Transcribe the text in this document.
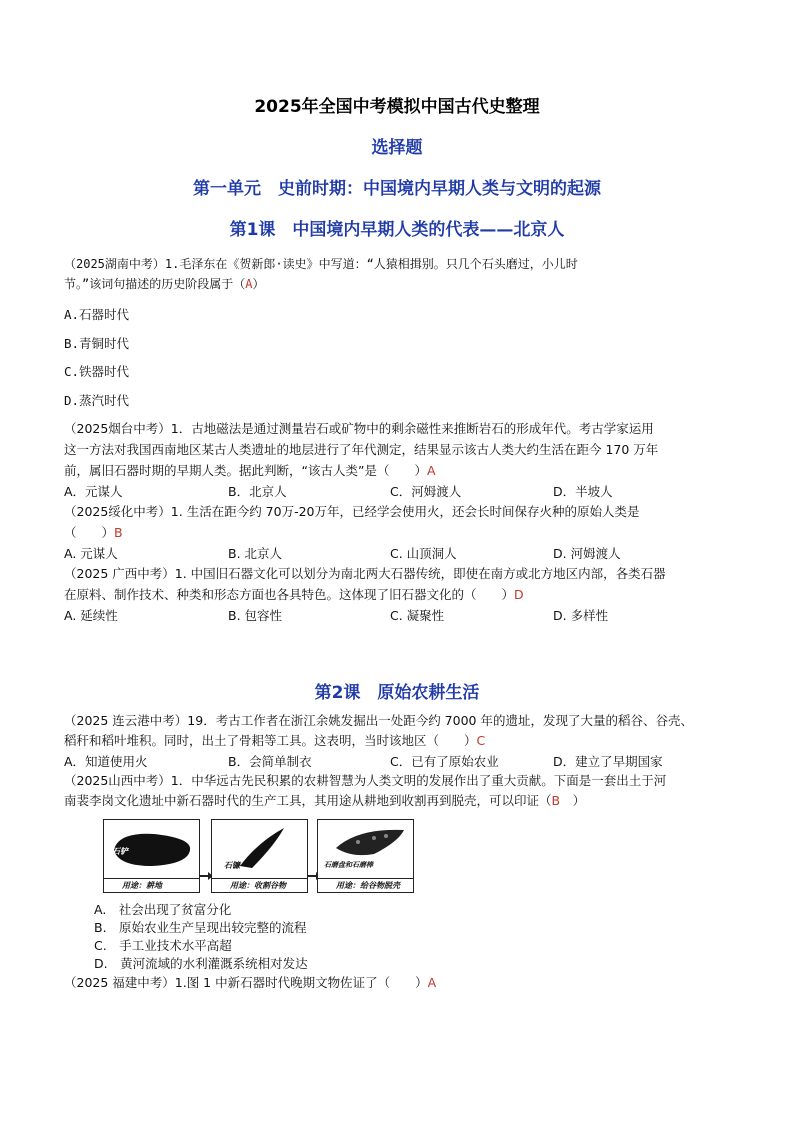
2025年全国中考模拟中国古代史整理
选择题
第一单元　史前时期：中国境内早期人类与文明的起源
第1课　中国境内早期人类的代表——北京人
（2025湖南中考）1.毛泽东在《贺新郎·读史》中写道：“人猿相揖别。只几个石头磨过，小儿时
节。”该词句描述的历史阶段属于（A）
A.石器时代
B.青铜时代
C.铁器时代
D.蒸汽时代
（2025烟台中考）1．古地磁法是通过测量岩石或矿物中的剩余磁性来推断岩石的形成年代。考古学家运用
这一方法对我国西南地区某古人类遗址的地层进行了年代测定，结果显示该古人类大约生活在距今 170 万年
前，属旧石器时期的早期人类。据此判断，“该古人类”是（　　）A
A．元谋人	B．北京人	C．河姆渡人	D．半坡人
（2025绥化中考）1. 生活在距今约 70万-20万年，已经学会使用火，还会长时间保存火种的原始人类是
（　　）B
A. 元谋人	B. 北京人	C. 山顶洞人	D. 河姆渡人
（2025 广西中考）1. 中国旧石器文化可以划分为南北两大石器传统，即使在南方或北方地区内部，各类石器
在原料、制作技术、种类和形态方面也各具特色。这体现了旧石器文化的（　　）D
A. 延续性	B. 包容性	C. 凝聚性	D. 多样性
第2课　原始农耕生活
（2025 连云港中考）19．考古工作者在浙江余姚发掘出一处距今约 7000 年的遗址，发现了大量的稻谷、谷壳、
稻秆和稻叶堆积。同时，出土了骨耜等工具。这表明，当时该地区（　　）C
A．知道使用火	B．会简单制衣	C．已有了原始农业	D．建立了早期国家
（2025山西中考）1．中华远古先民积累的农耕智慧为人类文明的发展作出了重大贡献。下面是一套出土于河
南裴李岗文化遗址中新石器时代的生产工具，其用途从耕地到收割再到脱壳，可以印证（B　）
石铲
用途：耕地
石镰
用途：收割谷物
石磨盘和石磨棒
用途：给谷物脱壳
A.　社会出现了贫富分化
B.　原始农业生产呈现出较完整的流程
C.　手工业技术水平高超
D.　黄河流域的水利灌溉系统相对发达
（2025 福建中考）1.图 1 中新石器时代晚期文物佐证了（　　）A
